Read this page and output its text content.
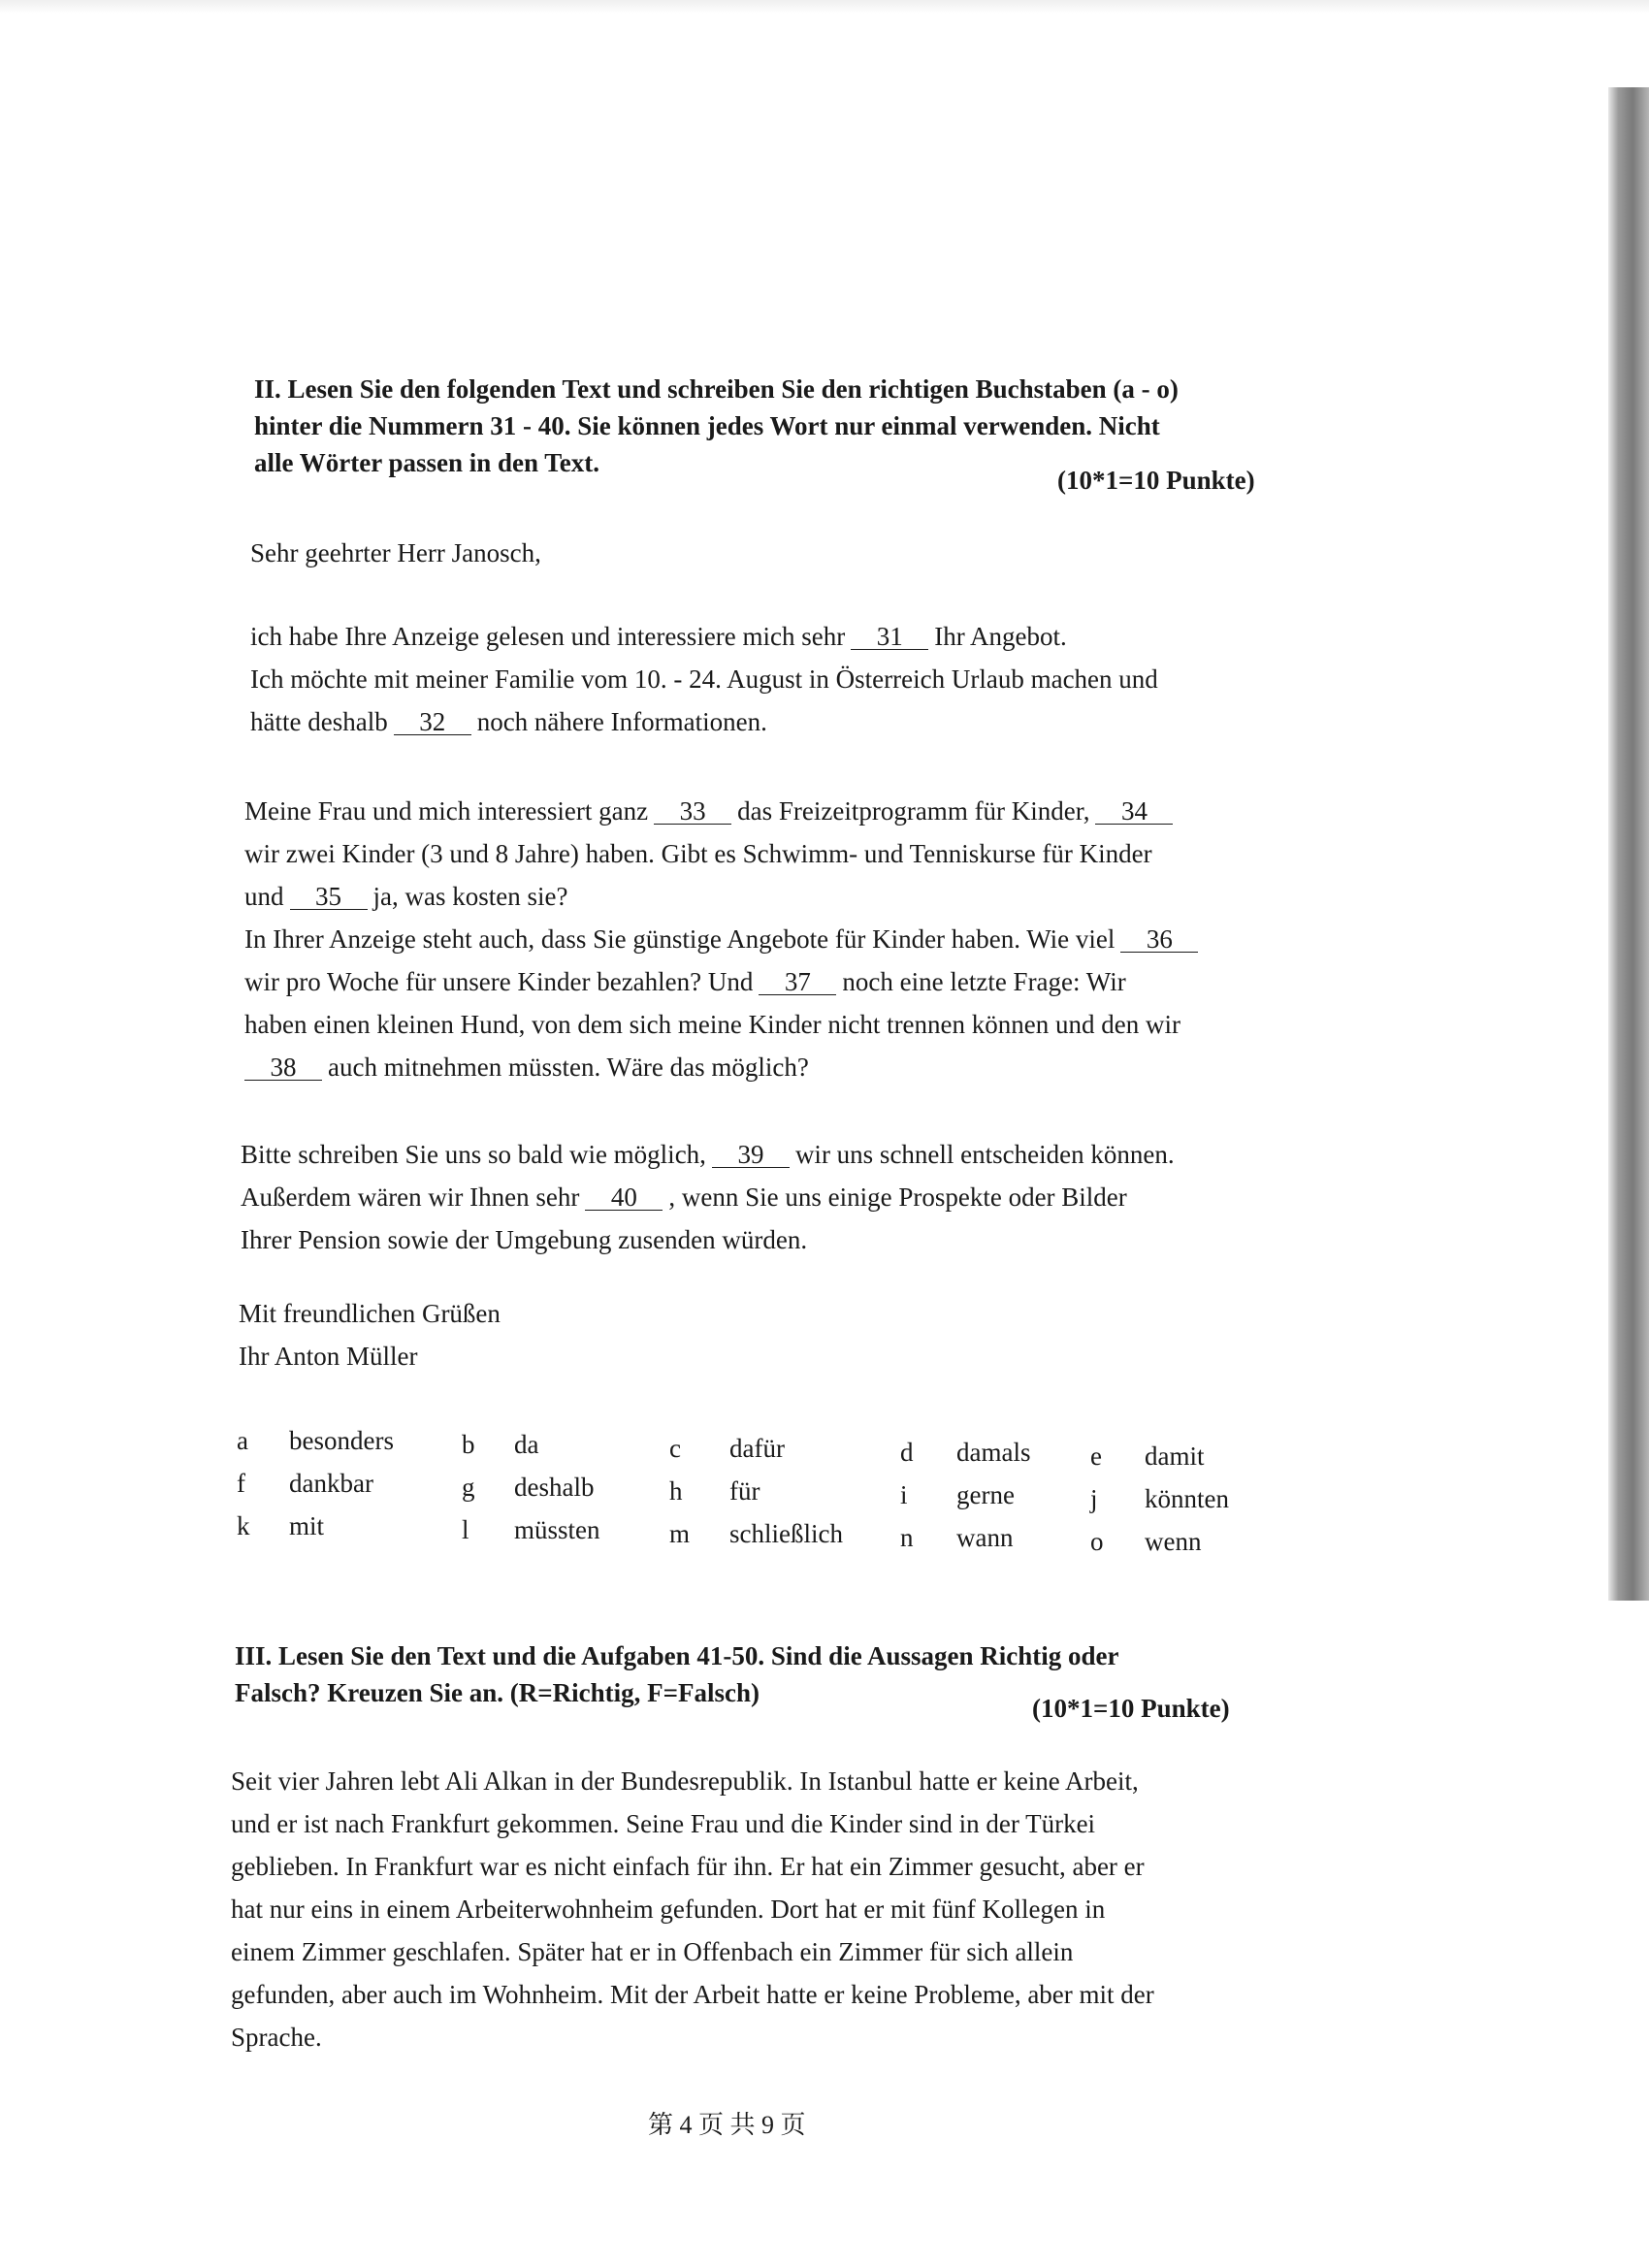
II. Lesen Sie den folgenden Text und schreiben Sie den richtigen Buchstaben (a - o)
hinter die Nummern 31 - 40. Sie können jedes Wort nur einmal verwenden. Nicht
alle Wörter passen in den Text.
(10*1=10 Punkte)
Sehr geehrter Herr Janosch,

ich habe Ihre Anzeige gelesen und interessiere mich sehr 31 Ihr Angebot.

Ich möchte mit meiner Familie vom 10. - 24. August in Österreich Urlaub machen und

hätte deshalb 32 noch nähere Informationen.

Meine Frau und mich interessiert ganz 33 das Freizeitprogramm für Kinder, 34

wir zwei Kinder (3 und 8 Jahre) haben. Gibt es Schwimm- und Tenniskurse für Kinder

und 35 ja, was kosten sie?

In Ihrer Anzeige steht auch, dass Sie günstige Angebote für Kinder haben. Wie viel 36

wir pro Woche für unsere Kinder bezahlen? Und 37 noch eine letzte Frage: Wir

haben einen kleinen Hund, von dem sich meine Kinder nicht trennen können und den wir

38 auch mitnehmen müssten. Wäre das möglich?

Bitte schreiben Sie uns so bald wie möglich, 39 wir uns schnell entscheiden können.

Außerdem wären wir Ihnen sehr 40 , wenn Sie uns einige Prospekte oder Bilder

Ihrer Pension sowie der Umgebung zusenden würden.

Mit freundlichen Grüßen

Ihr Anton Müller

a besonders	b da	c dafür	d damals e damit
f dankbar	g deshalb	h für	i gerne	j könnten
k mit	l müssten	m schließlich n wann	o wenn
III. Lesen Sie den Text und die Aufgaben 41-50. Sind die Aussagen Richtig oder
Falsch? Kreuzen Sie an. (R=Richtig, F=Falsch)
(10*1=10 Punkte)

Seit vier Jahren lebt Ali Alkan in der Bundesrepublik. In Istanbul hatte er keine Arbeit,

und er ist nach Frankfurt gekommen. Seine Frau und die Kinder sind in der Türkei

geblieben. In Frankfurt war es nicht einfach für ihn. Er hat ein Zimmer gesucht, aber er

hat nur eins in einem Arbeiterwohnheim gefunden. Dort hat er mit fünf Kollegen in

einem Zimmer geschlafen. Später hat er in Offenbach ein Zimmer für sich allein

gefunden, aber auch im Wohnheim. Mit der Arbeit hatte er keine Probleme, aber mit der

Sprache.

第 4 页 共 9 页
